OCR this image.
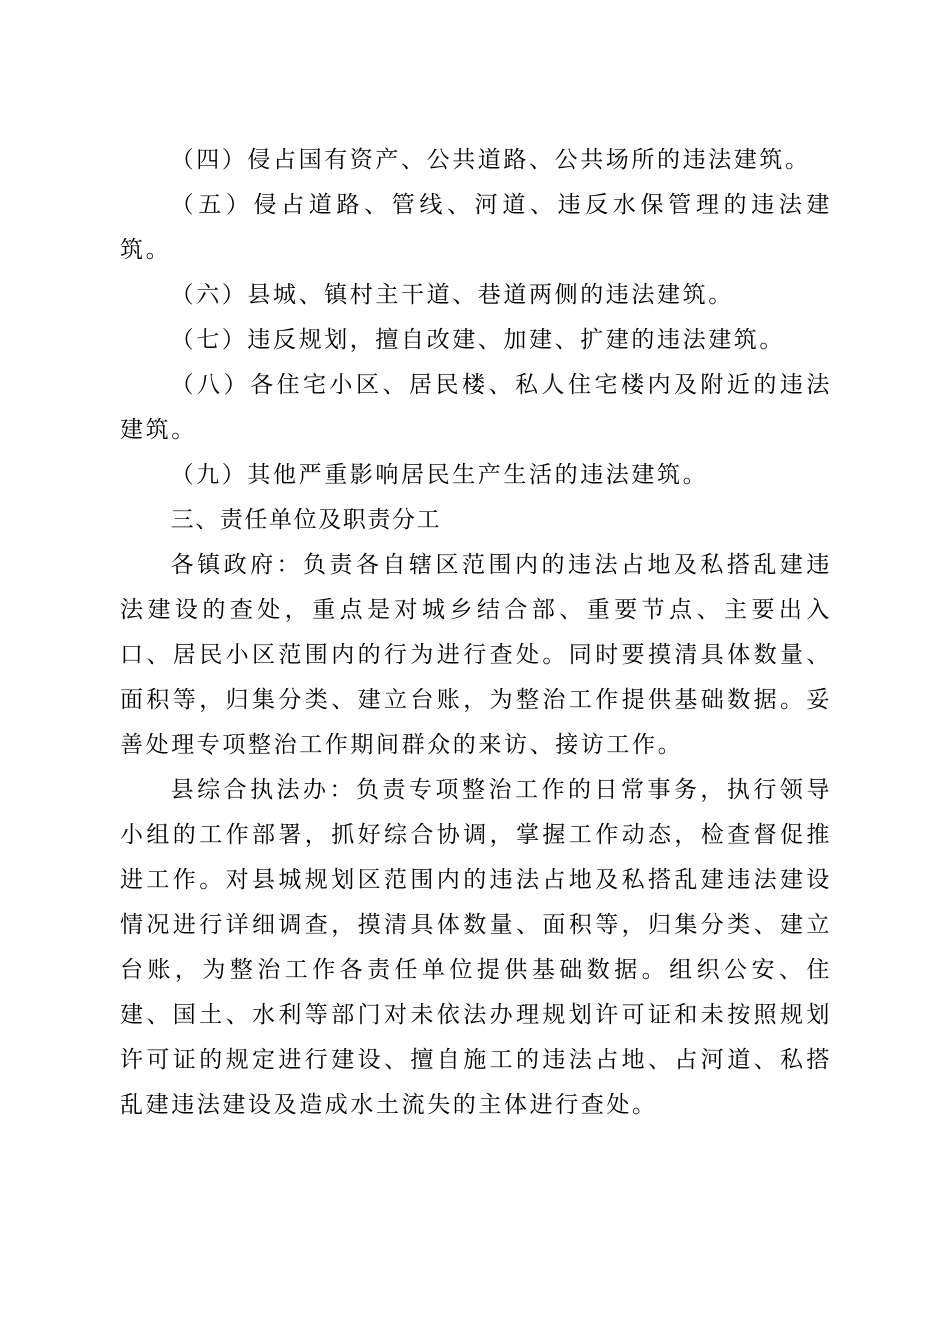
（四）侵占国有资产、公共道路、公共场所的违法建筑。

（五）侵占道路、管线、河道、违反水保管理的违法建筑。

（六）县城、镇村主干道、巷道两侧的违法建筑。

（七）违反规划，擅自改建、加建、扩建的违法建筑。

（八）各住宅小区、居民楼、私人住宅楼内及附近的违法建筑。

（九）其他严重影响居民生产生活的违法建筑。

三、责任单位及职责分工

各镇政府：负责各自辖区范围内的违法占地及私搭乱建违法建设的查处，重点是对城乡结合部、重要节点、主要出入口、居民小区范围内的行为进行查处。同时要摸清具体数量、面积等，归集分类、建立台账，为整治工作提供基础数据。妥善处理专项整治工作期间群众的来访、接访工作。

县综合执法办：负责专项整治工作的日常事务，执行领导小组的工作部署，抓好综合协调，掌握工作动态，检查督促推进工作。对县城规划区范围内的违法占地及私搭乱建违法建设情况进行详细调查，摸清具体数量、面积等，归集分类、建立台账，为整治工作各责任单位提供基础数据。组织公安、住建、国土、水利等部门对未依法办理规划许可证和未按照规划许可证的规定进行建设、擅自施工的违法占地、占河道、私搭乱建违法建设及造成水土流失的主体进行查处。
